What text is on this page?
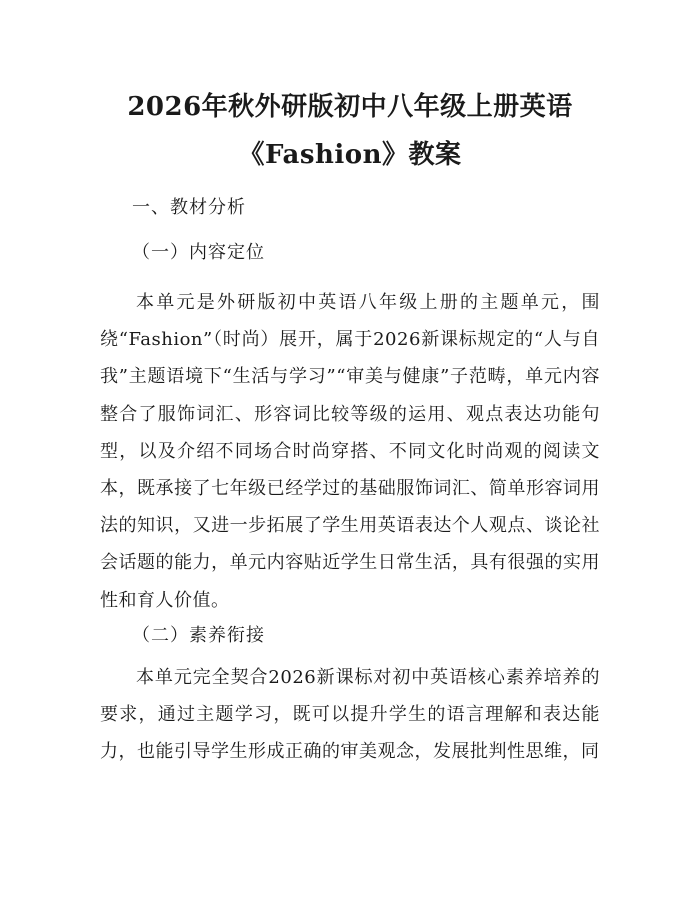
2026年秋外研版初中八年级上册英语
《Fashion》教案
一、教材分析
（一）内容定位
本单元是外研版初中英语八年级上册的主题单元，围绕“Fashion”（时尚）展开，属于2026新课标规定的“人与自我”主题语境下“生活与学习”“审美与健康”子范畴，单元内容整合了服饰词汇、形容词比较等级的运用、观点表达功能句型，以及介绍不同场合时尚穿搭、不同文化时尚观的阅读文本，既承接了七年级已经学过的基础服饰词汇、简单形容词用法的知识，又进一步拓展了学生用英语表达个人观点、谈论社会话题的能力，单元内容贴近学生日常生活，具有很强的实用性和育人价值。
（二）素养衔接
本单元完全契合2026新课标对初中英语核心素养培养的要求，通过主题学习，既可以提升学生的语言理解和表达能力，也能引导学生形成正确的审美观念，发展批判性思维，同
